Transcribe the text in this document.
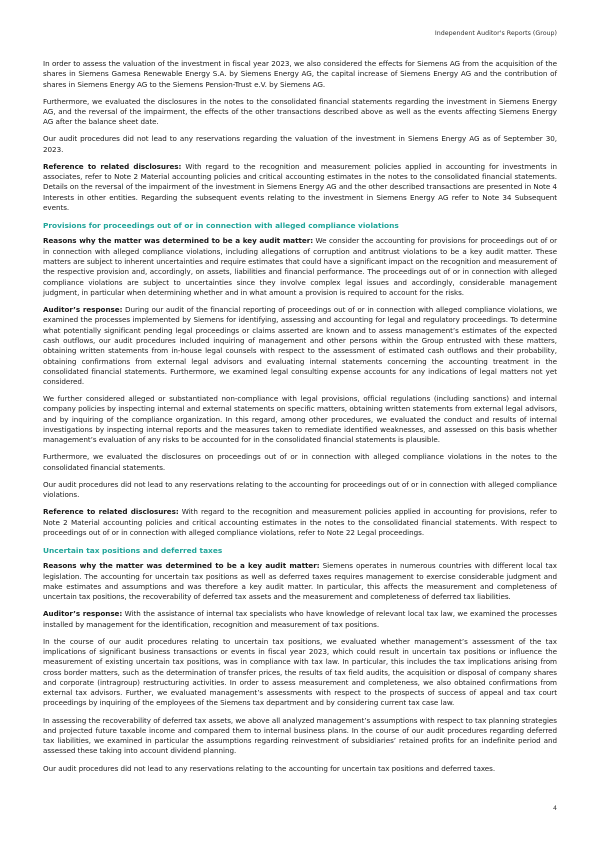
Independent Auditor's Reports (Group)

In order to assess the valuation of the investment in fiscal year 2023, we also considered the effects for Siemens AG from the acquisition of the shares in Siemens Gamesa Renewable Energy S.A. by Siemens Energy AG, the capital increase of Siemens Energy AG and the contribution of shares in Siemens Energy AG to the Siemens Pension-Trust e.V. by Siemens AG.

Furthermore, we evaluated the disclosures in the notes to the consolidated financial statements regarding the investment in Siemens Energy AG, and the reversal of the impairment, the effects of the other transactions described above as well as the events affecting Siemens Energy AG after the balance sheet date.

Our audit procedures did not lead to any reservations regarding the valuation of the investment in Siemens Energy AG as of September 30, 2023.

Reference to related disclosures: With regard to the recognition and measurement policies applied in accounting for investments in associates, refer to Note 2 Material accounting policies and critical accounting estimates in the notes to the consolidated financial statements. Details on the reversal of the impairment of the investment in Siemens Energy AG and the other described transactions are presented in Note 4 Interests in other entities. Regarding the subsequent events relating to the investment in Siemens Energy AG refer to Note 34 Subsequent events.

Provisions for proceedings out of or in connection with alleged compliance violations

Reasons why the matter was determined to be a key audit matter: We consider the accounting for provisions for proceedings out of or in connection with alleged compliance violations, including allegations of corruption and antitrust violations to be a key audit matter. These matters are subject to inherent uncertainties and require estimates that could have a significant impact on the recognition and measurement of the respective provision and, accordingly, on assets, liabilities and financial performance. The proceedings out of or in connection with alleged compliance violations are subject to uncertainties since they involve complex legal issues and accordingly, considerable management judgment, in particular when determining whether and in what amount a provision is required to account for the risks.

Auditor’s response: During our audit of the financial reporting of proceedings out of or in connection with alleged compliance violations, we examined the processes implemented by Siemens for identifying, assessing and accounting for legal and regulatory proceedings. To determine what potentially significant pending legal proceedings or claims asserted are known and to assess management’s estimates of the expected cash outflows, our audit procedures included inquiring of management and other persons within the Group entrusted with these matters, obtaining written statements from in-house legal counsels with respect to the assessment of estimated cash outflows and their probability, obtaining confirmations from external legal advisors and evaluating internal statements concerning the accounting treatment in the consolidated financial statements. Furthermore, we examined legal consulting expense accounts for any indications of legal matters not yet considered.

We further considered alleged or substantiated non-compliance with legal provisions, official regulations (including sanctions) and internal company policies by inspecting internal and external statements on specific matters, obtaining written statements from external legal advisors, and by inquiring of the compliance organization. In this regard, among other procedures, we evaluated the conduct and results of internal investigations by inspecting internal reports and the measures taken to remediate identified weaknesses, and assessed on this basis whether management’s evaluation of any risks to be accounted for in the consolidated financial statements is plausible.

Furthermore, we evaluated the disclosures on proceedings out of or in connection with alleged compliance violations in the notes to the consolidated financial statements.

Our audit procedures did not lead to any reservations relating to the accounting for proceedings out of or in connection with alleged compliance violations.

Reference to related disclosures: With regard to the recognition and measurement policies applied in accounting for provisions, refer to Note 2 Material accounting policies and critical accounting estimates in the notes to the consolidated financial statements. With respect to proceedings out of or in connection with alleged compliance violations, refer to Note 22 Legal proceedings.

Uncertain tax positions and deferred taxes

Reasons why the matter was determined to be a key audit matter: Siemens operates in numerous countries with different local tax legislation. The accounting for uncertain tax positions as well as deferred taxes requires management to exercise considerable judgment and make estimates and assumptions and was therefore a key audit matter. In particular, this affects the measurement and completeness of uncertain tax positions, the recoverability of deferred tax assets and the measurement and completeness of deferred tax liabilities.

Auditor’s response: With the assistance of internal tax specialists who have knowledge of relevant local tax law, we examined the processes installed by management for the identification, recognition and measurement of tax positions.

In the course of our audit procedures relating to uncertain tax positions, we evaluated whether management’s assessment of the tax implications of significant business transactions or events in fiscal year 2023, which could result in uncertain tax positions or influence the measurement of existing uncertain tax positions, was in compliance with tax law. In particular, this includes the tax implications arising from cross border matters, such as the determination of transfer prices, the results of tax field audits, the acquisition or disposal of company shares and corporate (intragroup) restructuring activities. In order to assess measurement and completeness, we also obtained confirmations from external tax advisors. Further, we evaluated management’s assessments with respect to the prospects of success of appeal and tax court proceedings by inquiring of the employees of the Siemens tax department and by considering current tax case law.

In assessing the recoverability of deferred tax assets, we above all analyzed management’s assumptions with respect to tax planning strategies and projected future taxable income and compared them to internal business plans. In the course of our audit procedures regarding deferred tax liabilities, we examined in particular the assumptions regarding reinvestment of subsidiaries’ retained profits for an indefinite period and assessed these taking into account dividend planning.

Our audit procedures did not lead to any reservations relating to the accounting for uncertain tax positions and deferred taxes.

4
